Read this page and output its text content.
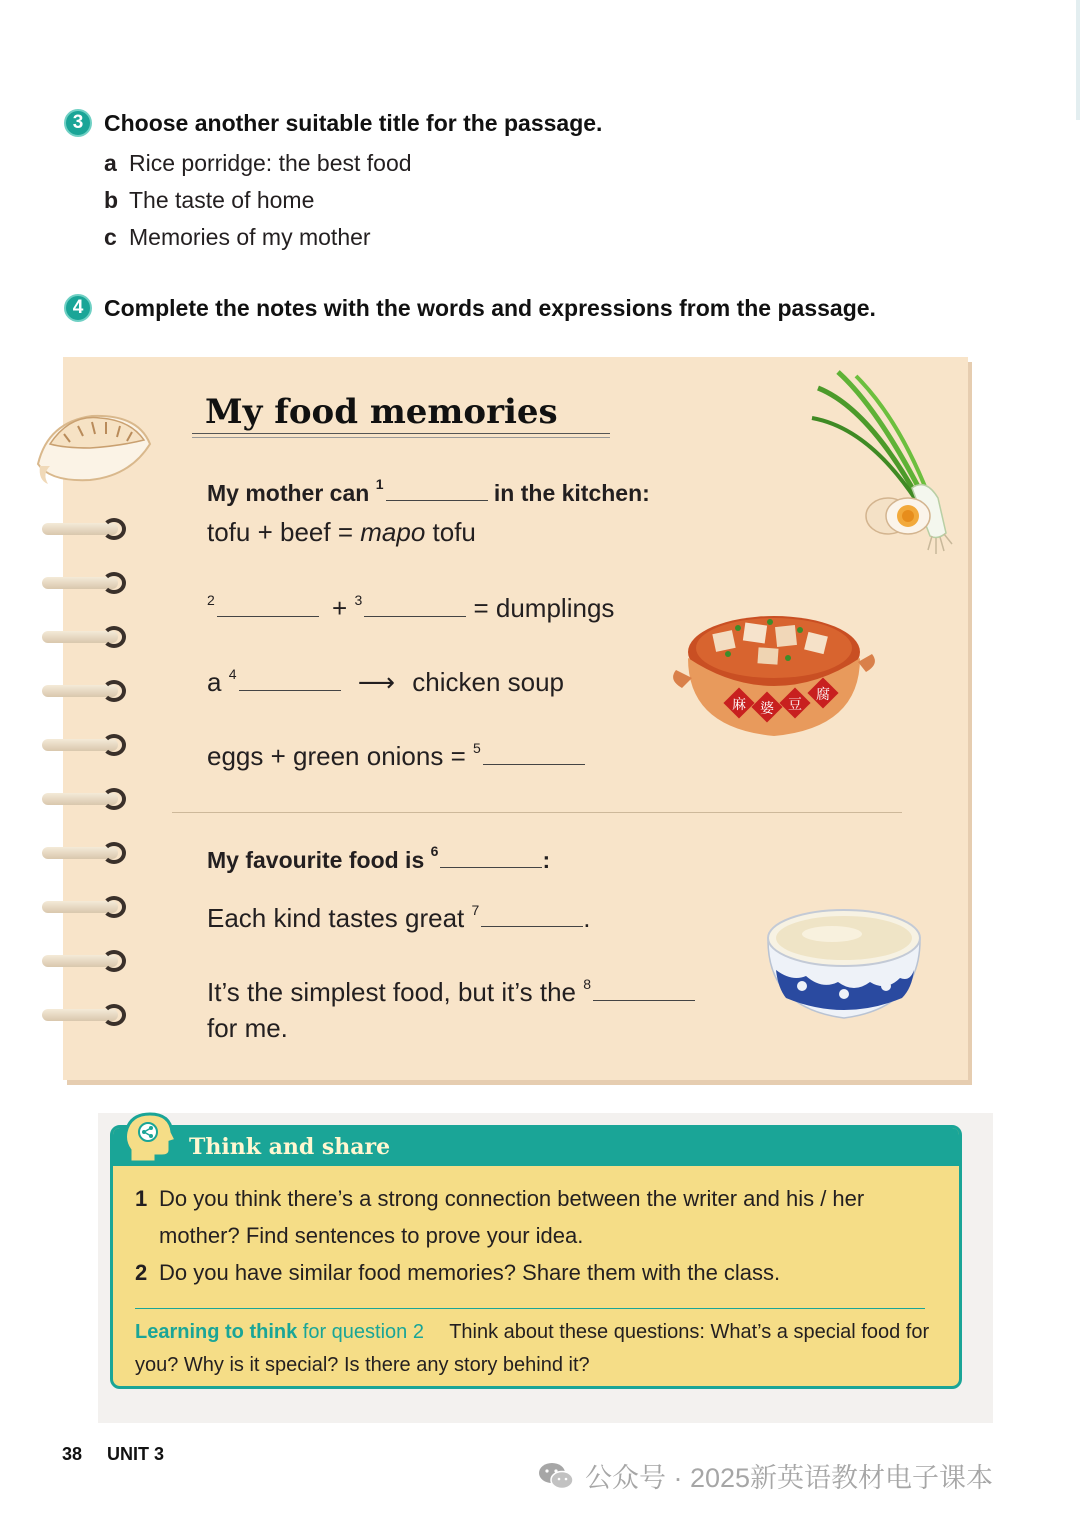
3 Choose another suitable title for the passage.
a Rice porridge: the best food
b The taste of home
c Memories of my mother
4 Complete the notes with the words and expressions from the passage.
My food memories
My mother can $^1$	in the kitchen:
tofu + beef = mapo tofu
$^2$	+ $^3$	= dumplings
a $^4$	⟶ chicken soup
eggs + green onions = $^5$
麻 婆 豆
腐
My favourite food is $^6$	:
Each kind tastes great $^7$	.
It’s the simplest food, but it’s the $^8$
for me.
Think and share
1 Do you think there’s a strong connection between the writer and his / her
mother? Find sentences to prove your idea.
2 Do you have similar food memories? Share them with the class.
Learning to think for question 2 Think about these questions: What’s a special food for you? Why is it special? Is there any story behind it?
38 UNIT 3
公众号 · 2025新英语教材电子课本
